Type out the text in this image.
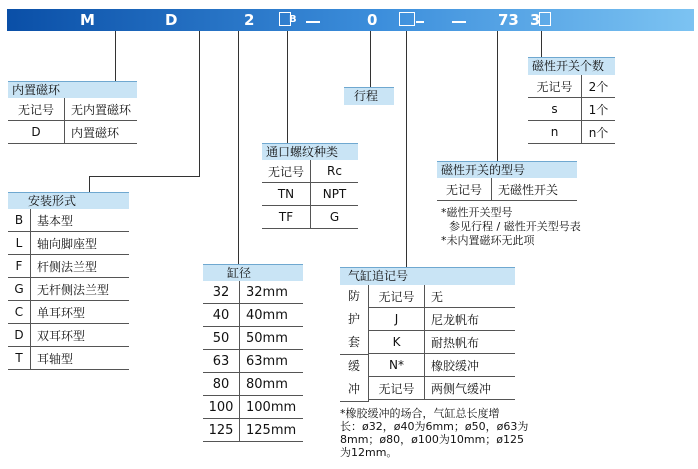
M	D	2	B	0	73 3
内置磁环
无记号	无内置磁环
D	内置磁环
安装形式
B	基本型
L	轴向脚座型
F	杆侧法兰型
G	无杆侧法兰型
C	单耳环型
D	双耳环型
T	耳轴型
缸径
32	32mm
40	40mm
50	50mm
63	63mm
80	80mm
100	100mm
125	125mm
通口螺纹种类
无记号	Rc
TN	NPT
TF	G
行程
气缸追记号
防
护
套
缓
冲
无记号	无
J	尼龙帆布
K	耐热帆布
N*	橡胶缓冲
无记号	两侧气缓冲
*橡胶缓冲的场合，气缸总长度增
长：ø32，ø40为6mm；ø50，ø63为
8mm；ø80，ø100为10mm；ø125
为12mm。
磁性开关的型号
无记号	无磁性开关
*磁性开关型号
参见行程 / 磁性开关型号表
*未内置磁环无此项
磁性开关个数
无记号	2个
s	1个
n	n个
